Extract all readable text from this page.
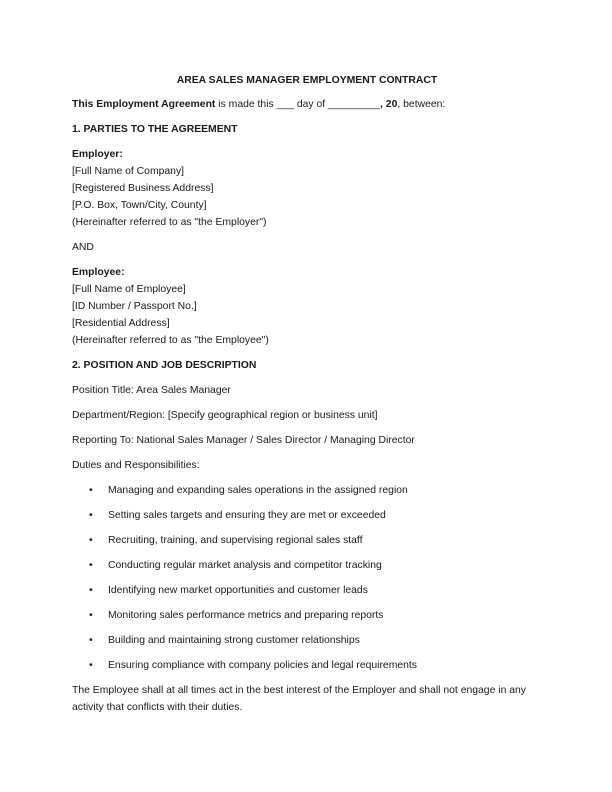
AREA SALES MANAGER EMPLOYMENT CONTRACT

This Employment Agreement is made this ___ day of _________, 20, between:

1. PARTIES TO THE AGREEMENT
Employer:
[Full Name of Company]
[Registered Business Address]
[P.O. Box, Town/City, County]
(Hereinafter referred to as "the Employer")

AND

Employee:
[Full Name of Employee]
[ID Number / Passport No.]
[Residential Address]
(Hereinafter referred to as "the Employee")
2. POSITION AND JOB DESCRIPTION

Position Title: Area Sales Manager

Department/Region: [Specify geographical region or business unit]

Reporting To: National Sales Manager / Sales Director / Managing Director

Duties and Responsibilities:

• Managing and expanding sales operations in the assigned region
• Setting sales targets and ensuring they are met or exceeded
• Recruiting, training, and supervising regional sales staff
• Conducting regular market analysis and competitor tracking
• Identifying new market opportunities and customer leads
• Monitoring sales performance metrics and preparing reports
• Building and maintaining strong customer relationships
• Ensuring compliance with company policies and legal requirements

The Employee shall at all times act in the best interest of the Employer and shall not engage in any activity that conflicts with their duties.
